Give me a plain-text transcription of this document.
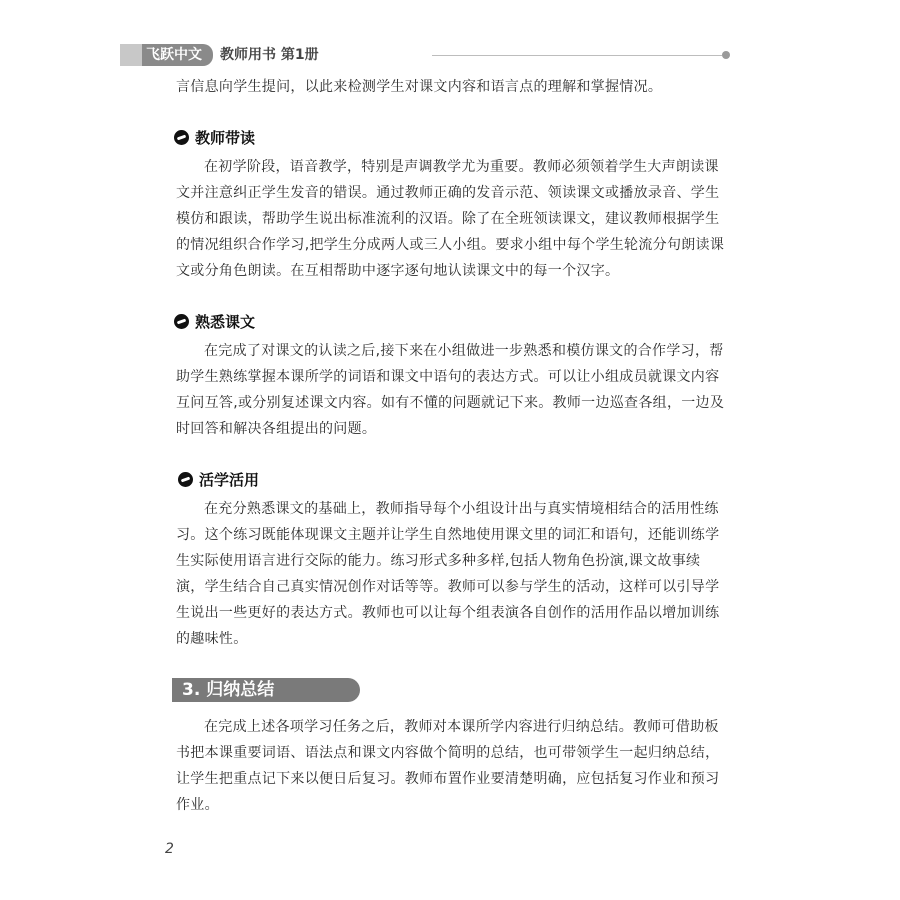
飞跃中文	教师用书 第1册

言信息向学生提问，以此来检测学生对课文内容和语言点的理解和掌握情况。

教师带读

在初学阶段，语音教学，特别是声调教学尤为重要。教师必须领着学生大声朗读课文并注意纠正学生发音的错误。通过教师正确的发音示范、领读课文或播放录音、学生模仿和跟读，帮助学生说出标准流利的汉语。除了在全班领读课文，建议教师根据学生的情况组织合作学习,把学生分成两人或三人小组。要求小组中每个学生轮流分句朗读课文或分角色朗读。在互相帮助中逐字逐句地认读课文中的每一个汉字。

熟悉课文

在完成了对课文的认读之后,接下来在小组做进一步熟悉和模仿课文的合作学习，帮助学生熟练掌握本课所学的词语和课文中语句的表达方式。可以让小组成员就课文内容互问互答,或分别复述课文内容。如有不懂的问题就记下来。教师一边巡查各组，一边及时回答和解决各组提出的问题。

活学活用

在充分熟悉课文的基础上，教师指导每个小组设计出与真实情境相结合的活用性练习。这个练习既能体现课文主题并让学生自然地使用课文里的词汇和语句，还能训练学生实际使用语言进行交际的能力。练习形式多种多样,包括人物角色扮演,课文故事续演，学生结合自己真实情况创作对话等等。教师可以参与学生的活动，这样可以引导学生说出一些更好的表达方式。教师也可以让每个组表演各自创作的活用作品以增加训练的趣味性。

3. 归纳总结

在完成上述各项学习任务之后，教师对本课所学内容进行归纳总结。教师可借助板书把本课重要词语、语法点和课文内容做个简明的总结，也可带领学生一起归纳总结，让学生把重点记下来以便日后复习。教师布置作业要清楚明确，应包括复习作业和预习作业。

2
